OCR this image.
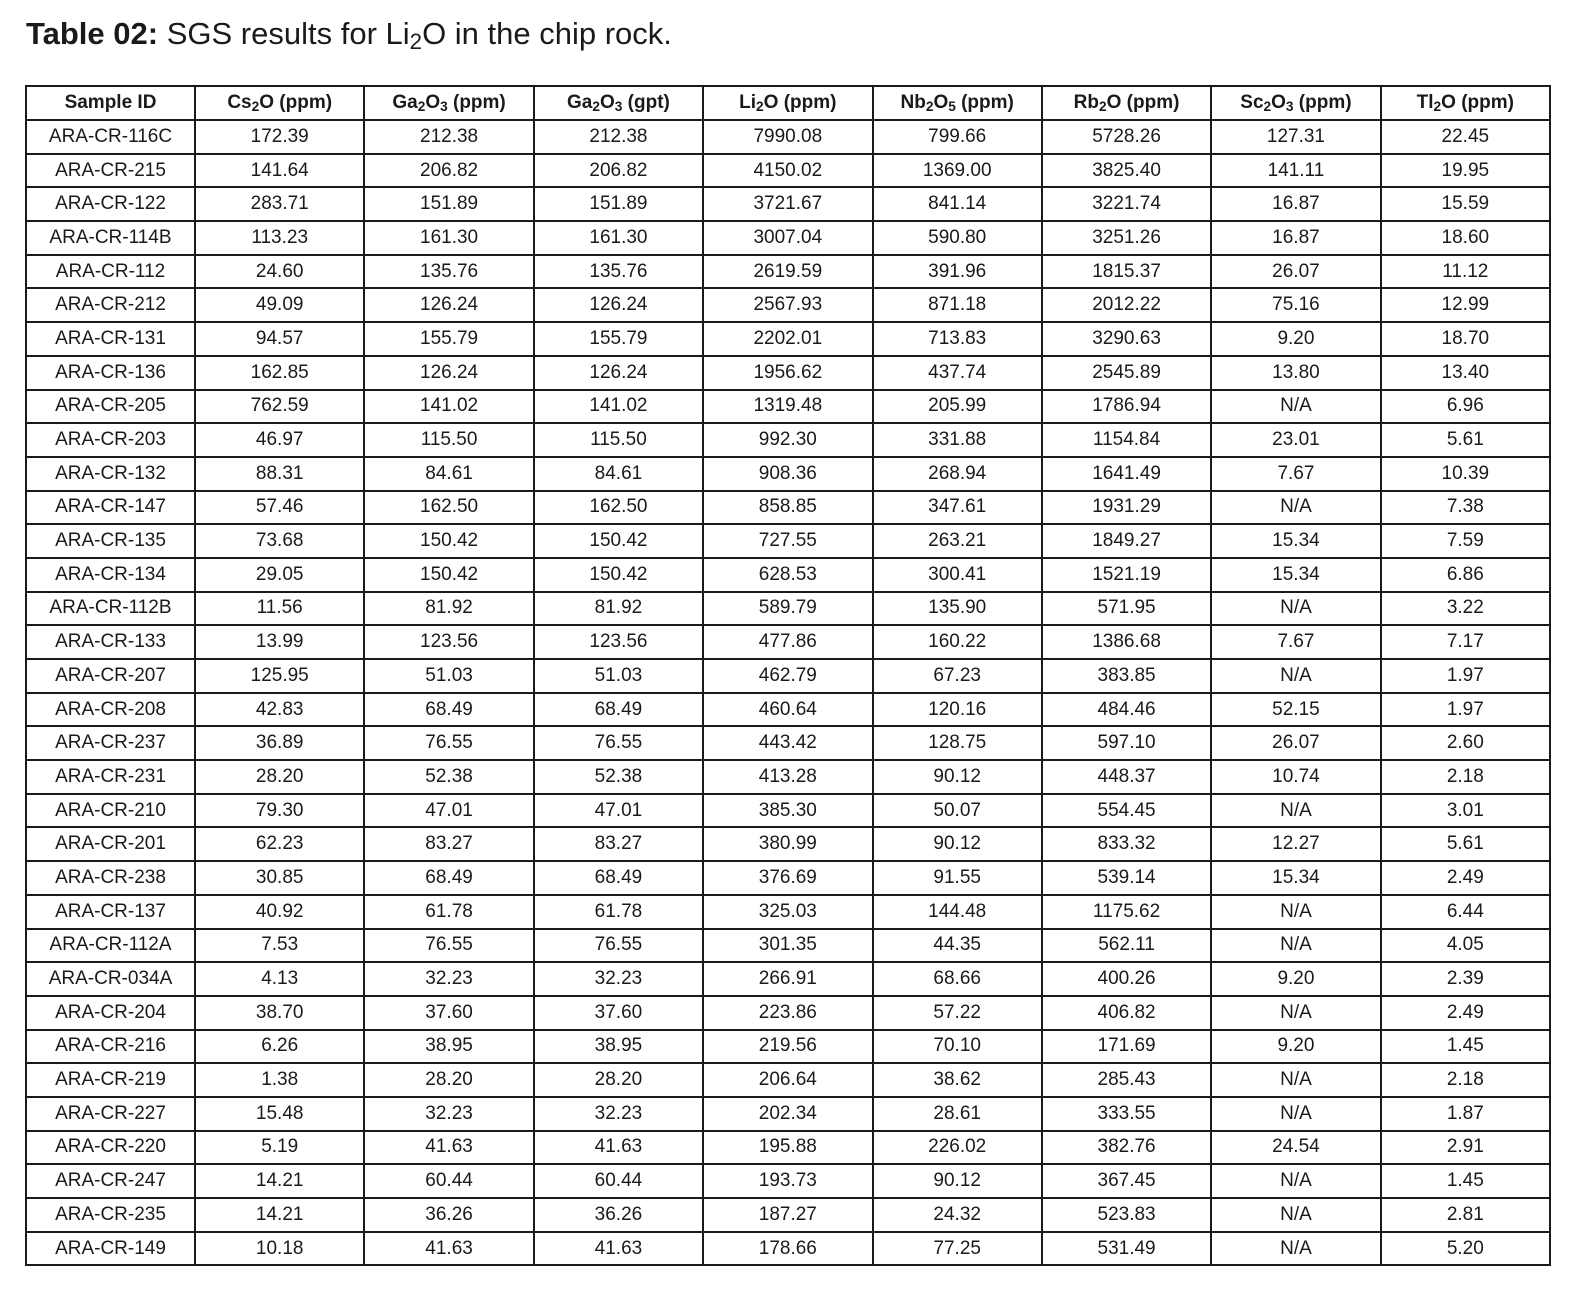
Table 02: SGS results for $Li_2O$ in the chip rock.
Sample ID	$Cs_2O$ (ppm)	$Ga_2O_3$ (ppm)	$Ga_2O_3$ (gpt)	$Li_2O$ (ppm)	$Nb_2O_5$ (ppm)	$Rb_2O$ (ppm)	$Sc_2O_3$ (ppm)	$Tl_2O$ (ppm)
ARA-CR-116C	172.39	212.38	212.38	7990.08	799.66	5728.26	127.31	22.45
ARA-CR-215	141.64	206.82	206.82	4150.02	1369.00	3825.40	141.11	19.95
ARA-CR-122	283.71	151.89	151.89	3721.67	841.14	3221.74	16.87	15.59
ARA-CR-114B	113.23	161.30	161.30	3007.04	590.80	3251.26	16.87	18.60
ARA-CR-112	24.60	135.76	135.76	2619.59	391.96	1815.37	26.07	11.12
ARA-CR-212	49.09	126.24	126.24	2567.93	871.18	2012.22	75.16	12.99
ARA-CR-131	94.57	155.79	155.79	2202.01	713.83	3290.63	9.20	18.70
ARA-CR-136	162.85	126.24	126.24	1956.62	437.74	2545.89	13.80	13.40
ARA-CR-205	762.59	141.02	141.02	1319.48	205.99	1786.94	N/A	6.96
ARA-CR-203	46.97	115.50	115.50	992.30	331.88	1154.84	23.01	5.61
ARA-CR-132	88.31	84.61	84.61	908.36	268.94	1641.49	7.67	10.39
ARA-CR-147	57.46	162.50	162.50	858.85	347.61	1931.29	N/A	7.38
ARA-CR-135	73.68	150.42	150.42	727.55	263.21	1849.27	15.34	7.59
ARA-CR-134	29.05	150.42	150.42	628.53	300.41	1521.19	15.34	6.86
ARA-CR-112B	11.56	81.92	81.92	589.79	135.90	571.95	N/A	3.22
ARA-CR-133	13.99	123.56	123.56	477.86	160.22	1386.68	7.67	7.17
ARA-CR-207	125.95	51.03	51.03	462.79	67.23	383.85	N/A	1.97
ARA-CR-208	42.83	68.49	68.49	460.64	120.16	484.46	52.15	1.97
ARA-CR-237	36.89	76.55	76.55	443.42	128.75	597.10	26.07	2.60
ARA-CR-231	28.20	52.38	52.38	413.28	90.12	448.37	10.74	2.18
ARA-CR-210	79.30	47.01	47.01	385.30	50.07	554.45	N/A	3.01
ARA-CR-201	62.23	83.27	83.27	380.99	90.12	833.32	12.27	5.61
ARA-CR-238	30.85	68.49	68.49	376.69	91.55	539.14	15.34	2.49
ARA-CR-137	40.92	61.78	61.78	325.03	144.48	1175.62	N/A	6.44
ARA-CR-112A	7.53	76.55	76.55	301.35	44.35	562.11	N/A	4.05
ARA-CR-034A	4.13	32.23	32.23	266.91	68.66	400.26	9.20	2.39
ARA-CR-204	38.70	37.60	37.60	223.86	57.22	406.82	N/A	2.49
ARA-CR-216	6.26	38.95	38.95	219.56	70.10	171.69	9.20	1.45
ARA-CR-219	1.38	28.20	28.20	206.64	38.62	285.43	N/A	2.18
ARA-CR-227	15.48	32.23	32.23	202.34	28.61	333.55	N/A	1.87
ARA-CR-220	5.19	41.63	41.63	195.88	226.02	382.76	24.54	2.91
ARA-CR-247	14.21	60.44	60.44	193.73	90.12	367.45	N/A	1.45
ARA-CR-235	14.21	36.26	36.26	187.27	24.32	523.83	N/A	2.81
ARA-CR-149	10.18	41.63	41.63	178.66	77.25	531.49	N/A	5.20
